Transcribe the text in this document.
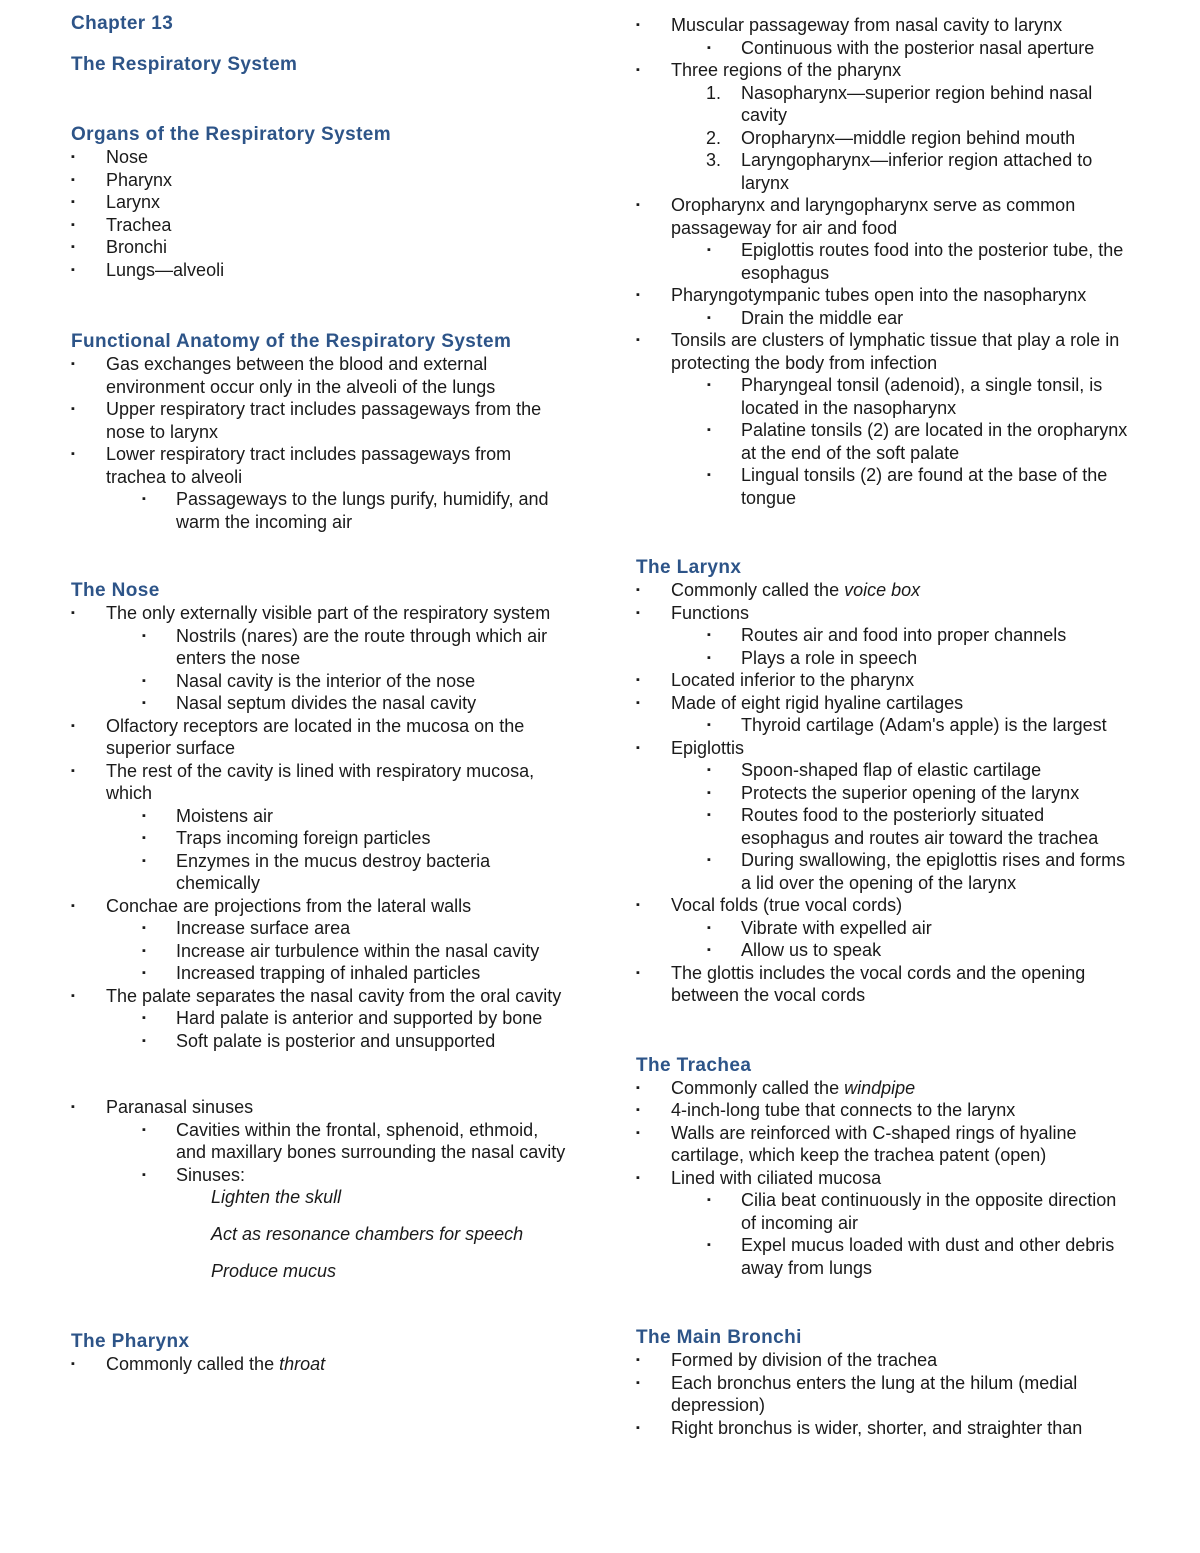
Chapter 13
The Respiratory System
Organs of the Respiratory System
▪ Nose
▪ Pharynx
▪ Larynx
▪ Trachea
▪ Bronchi
▪ Lungs—alveoli
Functional Anatomy of the Respiratory System
▪ Gas exchanges between the blood and external environment occur only in the alveoli of the lungs
▪ Upper respiratory tract includes passageways from the nose to larynx
▪ Lower respiratory tract includes passageways from trachea to alveoli
▪ Passageways to the lungs purify, humidify, and warm the incoming air
The Nose
▪ The only externally visible part of the respiratory system
▪ Nostrils (nares) are the route through which air enters the nose
▪ Nasal cavity is the interior of the nose
▪ Nasal septum divides the nasal cavity
▪ Olfactory receptors are located in the mucosa on the superior surface
▪ The rest of the cavity is lined with respiratory mucosa, which
▪ Moistens air
▪ Traps incoming foreign particles
▪ Enzymes in the mucus destroy bacteria chemically
▪ Conchae are projections from the lateral walls
▪ Increase surface area
▪ Increase air turbulence within the nasal cavity
▪ Increased trapping of inhaled particles
▪ The palate separates the nasal cavity from the oral cavity
▪ Hard palate is anterior and supported by bone
▪ Soft palate is posterior and unsupported
▪ Paranasal sinuses
▪ Cavities within the frontal, sphenoid, ethmoid, and maxillary bones surrounding the nasal cavity
▪ Sinuses:
Lighten the skull
Act as resonance chambers for speech
Produce mucus
The Pharynx
▪ Commonly called the throat
▪ Muscular passageway from nasal cavity to larynx
▪ Continuous with the posterior nasal aperture
▪ Three regions of the pharynx
1. Nasopharynx—superior region behind nasal cavity
2. Oropharynx—middle region behind mouth
3. Laryngopharynx—inferior region attached to larynx
▪ Oropharynx and laryngopharynx serve as common passageway for air and food
▪ Epiglottis routes food into the posterior tube, the esophagus
▪ Pharyngotympanic tubes open into the nasopharynx
▪ Drain the middle ear
▪ Tonsils are clusters of lymphatic tissue that play a role in protecting the body from infection
▪ Pharyngeal tonsil (adenoid), a single tonsil, is located in the nasopharynx
▪ Palatine tonsils (2) are located in the oropharynx at the end of the soft palate
▪ Lingual tonsils (2) are found at the base of the tongue
The Larynx
▪ Commonly called the voice box
▪ Functions
▪ Routes air and food into proper channels
▪ Plays a role in speech
▪ Located inferior to the pharynx
▪ Made of eight rigid hyaline cartilages
▪ Thyroid cartilage (Adam's apple) is the largest
▪ Epiglottis
▪ Spoon-shaped flap of elastic cartilage
▪ Protects the superior opening of the larynx
▪ Routes food to the posteriorly situated esophagus and routes air toward the trachea
▪ During swallowing, the epiglottis rises and forms a lid over the opening of the larynx
▪ Vocal folds (true vocal cords)
▪ Vibrate with expelled air
▪ Allow us to speak
▪ The glottis includes the vocal cords and the opening between the vocal cords
The Trachea
▪ Commonly called the windpipe
▪ 4-inch-long tube that connects to the larynx
▪ Walls are reinforced with C-shaped rings of hyaline cartilage, which keep the trachea patent (open)
▪ Lined with ciliated mucosa
▪ Cilia beat continuously in the opposite direction of incoming air
▪ Expel mucus loaded with dust and other debris away from lungs
The Main Bronchi
▪ Formed by division of the trachea
▪ Each bronchus enters the lung at the hilum (medial depression)
▪ Right bronchus is wider, shorter, and straighter than
